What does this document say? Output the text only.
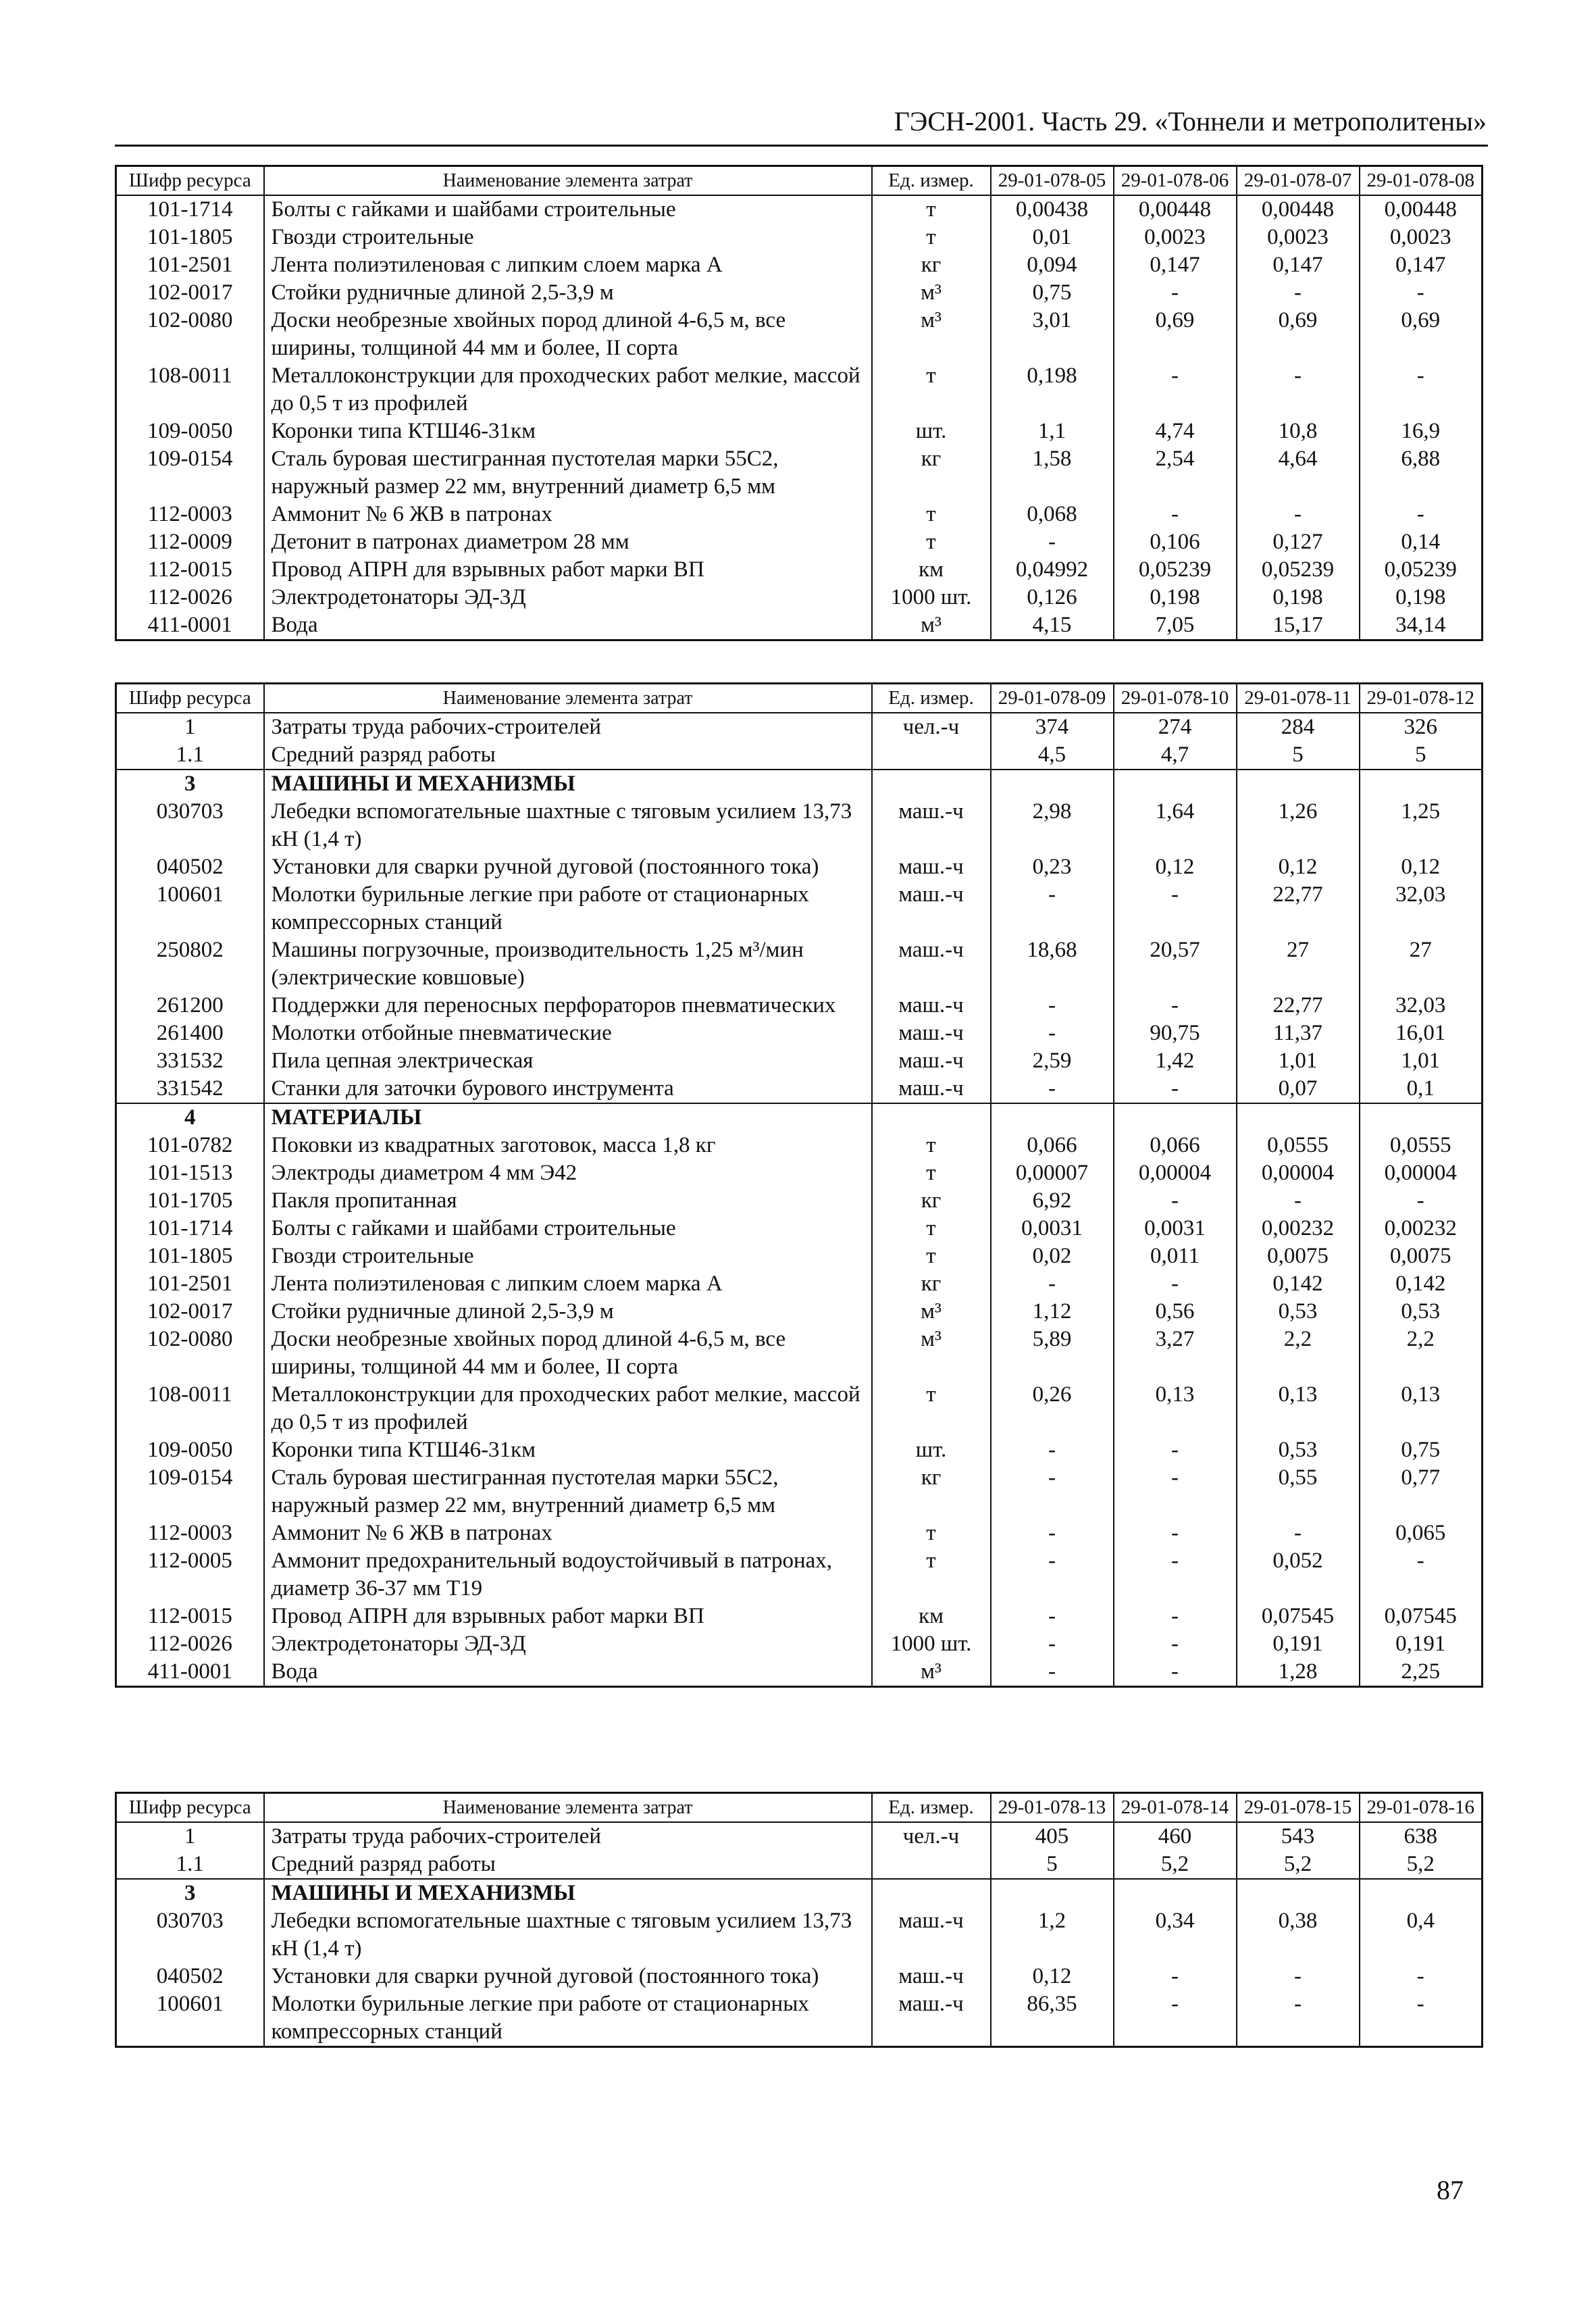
ГЭСН-2001. Часть 29. «Тоннели и метрополитены»
Шифр ресурса	Наименование элемента затрат	Ед. измер.	29-01-078-05	29-01-078-06	29-01-078-07	29-01-078-08
101-1714	Болты с гайками и шайбами строительные	т	0,00438	0,00448	0,00448	0,00448
101-1805	Гвозди строительные	т	0,01	0,0023	0,0023	0,0023
101-2501	Лента полиэтиленовая с липким слоем марка А	кг	0,094	0,147	0,147	0,147
102-0017	Стойки рудничные длиной 2,5-3,9 м	м³	0,75	-	-	-
102-0080	Доски необрезные хвойных пород длиной 4-6,5 м, все ширины, толщиной 44 мм и более, II сорта	м³	3,01	0,69	0,69	0,69
108-0011	Металлоконструкции для проходческих работ мелкие, массой до 0,5 т из профилей	т	0,198	-	-	-
109-0050	Коронки типа КТШ46-31км	шт.	1,1	4,74	10,8	16,9
109-0154	Сталь буровая шестигранная пустотелая марки 55С2, наружный размер 22 мм, внутренний диаметр 6,5 мм	кг	1,58	2,54	4,64	6,88
112-0003	Аммонит № 6 ЖВ в патронах	т	0,068	-	-	-
112-0009	Детонит в патронах диаметром 28 мм	т	-	0,106	0,127	0,14
112-0015	Провод АПРН для взрывных работ марки ВП	км	0,04992	0,05239	0,05239	0,05239
112-0026	Электродетонаторы ЭД-3Д	1000 шт.	0,126	0,198	0,198	0,198
411-0001	Вода	м³	4,15	7,05	15,17	34,14
Шифр ресурса	Наименование элемента затрат	Ед. измер.	29-01-078-09	29-01-078-10	29-01-078-11	29-01-078-12
1	Затраты труда рабочих-строителей	чел.-ч	374	274	284	326
1.1	Средний разряд работы		4,5	4,7	5	5
3	МАШИНЫ И МЕХАНИЗМЫ					
030703	Лебедки вспомогательные шахтные с тяговым усилием 13,73 кН (1,4 т)	маш.-ч	2,98	1,64	1,26	1,25
040502	Установки для сварки ручной дуговой (постоянного тока)	маш.-ч	0,23	0,12	0,12	0,12
100601	Молотки бурильные легкие при работе от стационарных компрессорных станций	маш.-ч	-	-	22,77	32,03
250802	Машины погрузочные, производительность 1,25 м³/мин (электрические ковшовые)	маш.-ч	18,68	20,57	27	27
261200	Поддержки для переносных перфораторов пневматических	маш.-ч	-	-	22,77	32,03
261400	Молотки отбойные пневматические	маш.-ч	-	90,75	11,37	16,01
331532	Пила цепная электрическая	маш.-ч	2,59	1,42	1,01	1,01
331542	Станки для заточки бурового инструмента	маш.-ч	-	-	0,07	0,1
4	МАТЕРИАЛЫ					
101-0782	Поковки из квадратных заготовок, масса 1,8 кг	т	0,066	0,066	0,0555	0,0555
101-1513	Электроды диаметром 4 мм Э42	т	0,00007	0,00004	0,00004	0,00004
101-1705	Пакля пропитанная	кг	6,92	-	-	-
101-1714	Болты с гайками и шайбами строительные	т	0,0031	0,0031	0,00232	0,00232
101-1805	Гвозди строительные	т	0,02	0,011	0,0075	0,0075
101-2501	Лента полиэтиленовая с липким слоем марка А	кг	-	-	0,142	0,142
102-0017	Стойки рудничные длиной 2,5-3,9 м	м³	1,12	0,56	0,53	0,53
102-0080	Доски необрезные хвойных пород длиной 4-6,5 м, все ширины, толщиной 44 мм и более, II сорта	м³	5,89	3,27	2,2	2,2
108-0011	Металлоконструкции для проходческих работ мелкие, массой до 0,5 т из профилей	т	0,26	0,13	0,13	0,13
109-0050	Коронки типа КТШ46-31км	шт.	-	-	0,53	0,75
109-0154	Сталь буровая шестигранная пустотелая марки 55С2, наружный размер 22 мм, внутренний диаметр 6,5 мм	кг	-	-	0,55	0,77
112-0003	Аммонит № 6 ЖВ в патронах	т	-	-	-	0,065
112-0005	Аммонит предохранительный водоустойчивый в патронах, диаметр 36-37 мм Т19	т	-	-	0,052	-
112-0015	Провод АПРН для взрывных работ марки ВП	км	-	-	0,07545	0,07545
112-0026	Электродетонаторы ЭД-3Д	1000 шт.	-	-	0,191	0,191
411-0001	Вода	м³	-	-	1,28	2,25
Шифр ресурса	Наименование элемента затрат	Ед. измер.	29-01-078-13	29-01-078-14	29-01-078-15	29-01-078-16
1	Затраты труда рабочих-строителей	чел.-ч	405	460	543	638
1.1	Средний разряд работы		5	5,2	5,2	5,2
3	МАШИНЫ И МЕХАНИЗМЫ					
030703	Лебедки вспомогательные шахтные с тяговым усилием 13,73 кН (1,4 т)	маш.-ч	1,2	0,34	0,38	0,4
040502	Установки для сварки ручной дуговой (постоянного тока)	маш.-ч	0,12	-	-	-
100601	Молотки бурильные легкие при работе от стационарных компрессорных станций	маш.-ч	86,35	-	-	-
87
